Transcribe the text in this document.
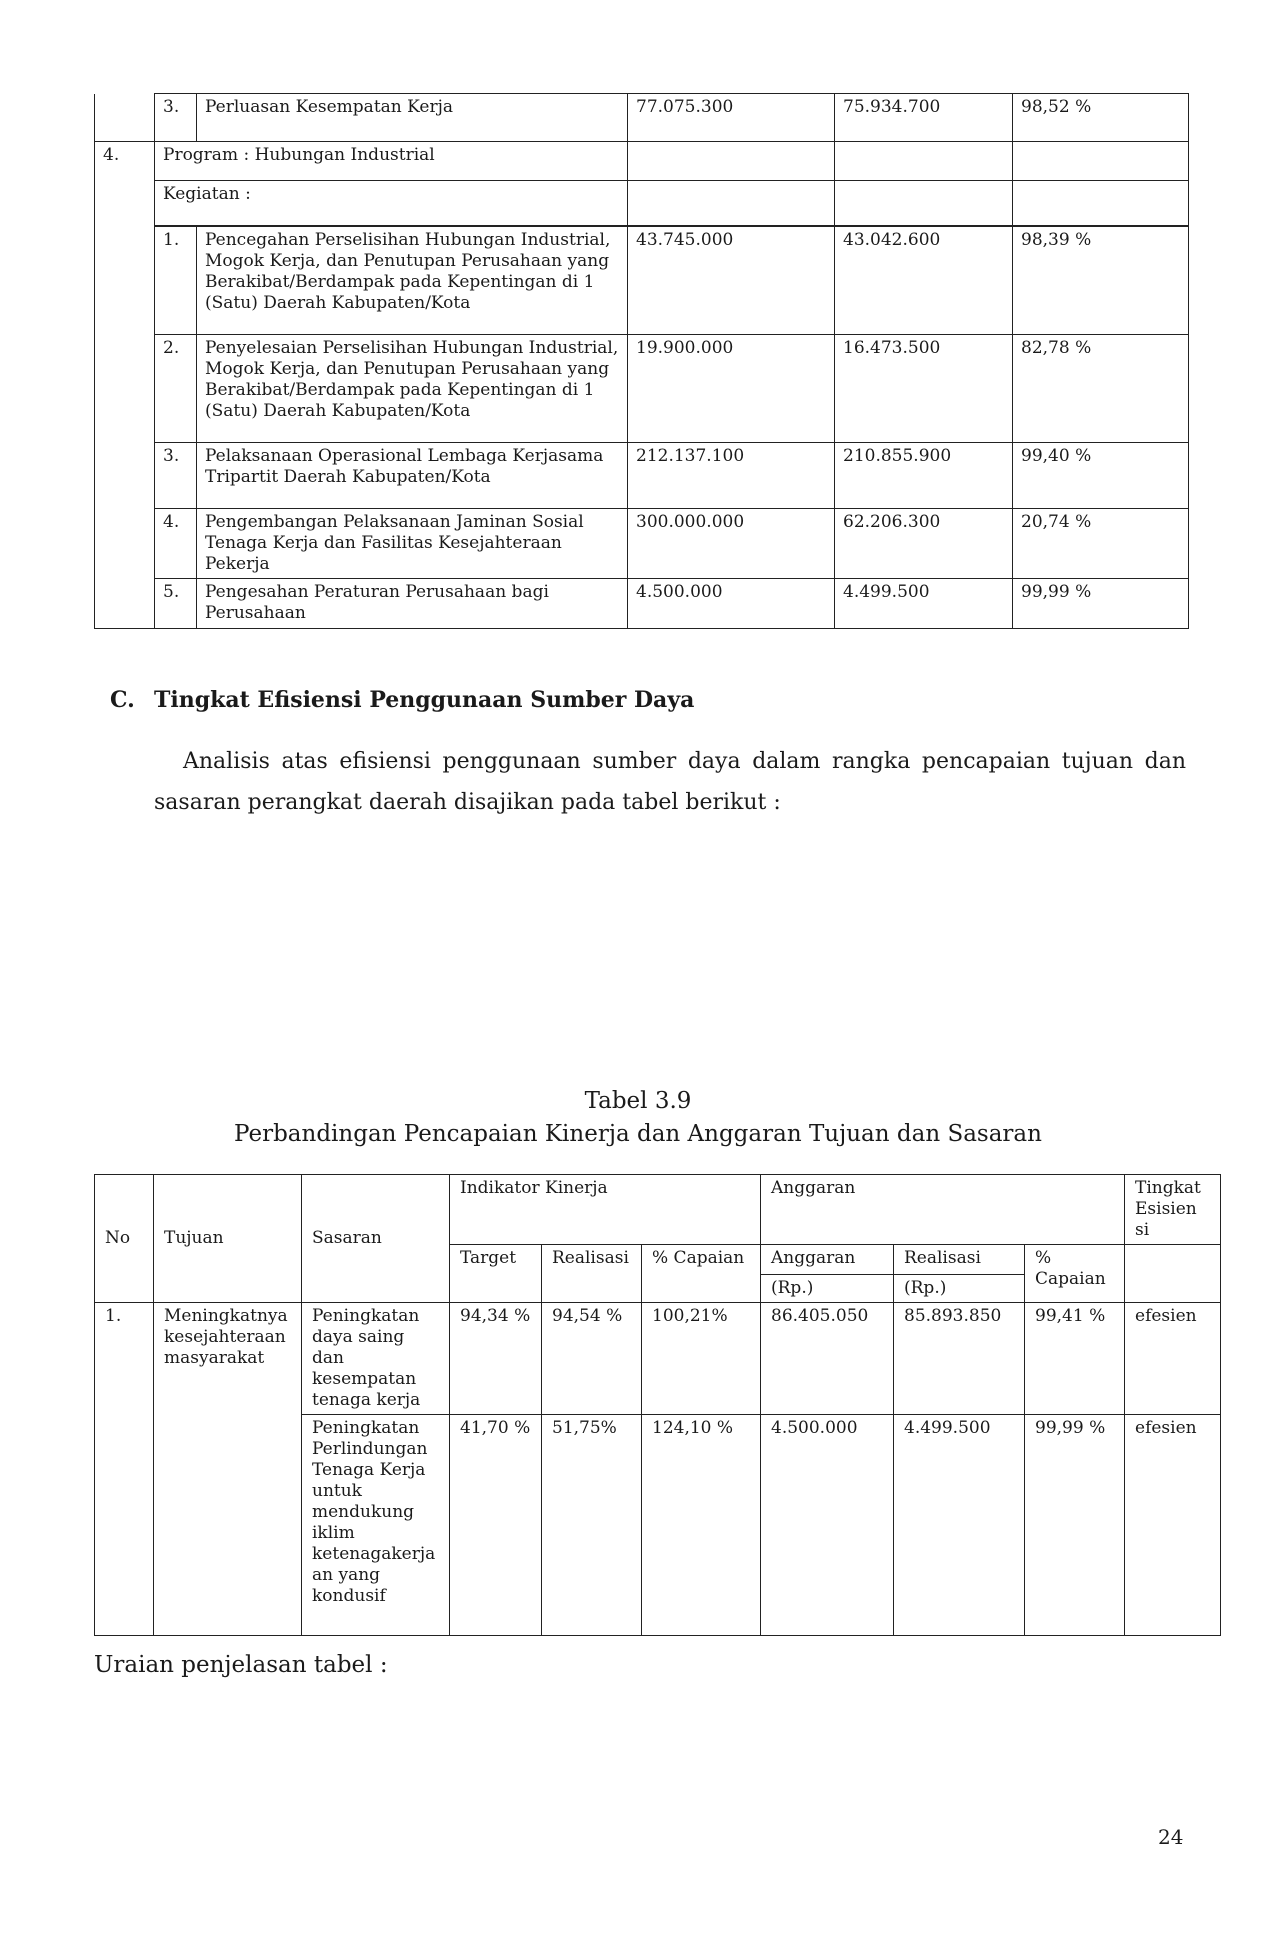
	3.	Perluasan Kesempatan Kerja	77.075.300	75.934.700	98,52 %
4.	Program : Hubungan Industrial				
	Kegiatan :				
	1.	Pencegahan Perselisihan Hubungan Industrial, Mogok Kerja, dan Penutupan Perusahaan yang Berakibat/Berdampak pada Kepentingan di 1 (Satu) Daerah Kabupaten/Kota	43.745.000	43.042.600	98,39 %
	2.	Penyelesaian Perselisihan Hubungan Industrial, Mogok Kerja, dan Penutupan Perusahaan yang Berakibat/Berdampak pada Kepentingan di 1 (Satu) Daerah Kabupaten/Kota	19.900.000	16.473.500	82,78 %
	3.	Pelaksanaan Operasional Lembaga Kerjasama Tripartit Daerah Kabupaten/Kota	212.137.100	210.855.900	99,40 %
	4.	Pengembangan Pelaksanaan Jaminan Sosial Tenaga Kerja dan Fasilitas Kesejahteraan Pekerja	300.000.000	62.206.300	20,74 %
	5.	Pengesahan Peraturan Perusahaan bagi Perusahaan	4.500.000	4.499.500	99,99 %
C. Tingkat Efisiensi Penggunaan Sumber Daya
Analisis atas efisiensi penggunaan sumber daya dalam rangka pencapaian tujuan dan sasaran perangkat daerah disajikan pada tabel berikut :
Tabel 3.9
Perbandingan Pencapaian Kinerja dan Anggaran Tujuan dan Sasaran
No	Tujuan	Sasaran	Indikator Kinerja			Anggaran			Tingkat Esisien si
			Target	Realisasi	% Capaian	Anggaran	Realisasi	% Capaian	
						(Rp.)	(Rp.)		
1.	Meningkatnya kesejahteraan masyarakat	Peningkatan daya saing dan kesempatan tenaga kerja	94,34 %	94,54 %	100,21%	86.405.050	85.893.850	99,41 %	efesien
		Peningkatan Perlindungan Tenaga Kerja untuk mendukung iklim ketenagakerja an yang kondusif	41,70 %	51,75%	124,10 %	4.500.000	4.499.500	99,99 %	efesien
Uraian penjelasan tabel :
24
